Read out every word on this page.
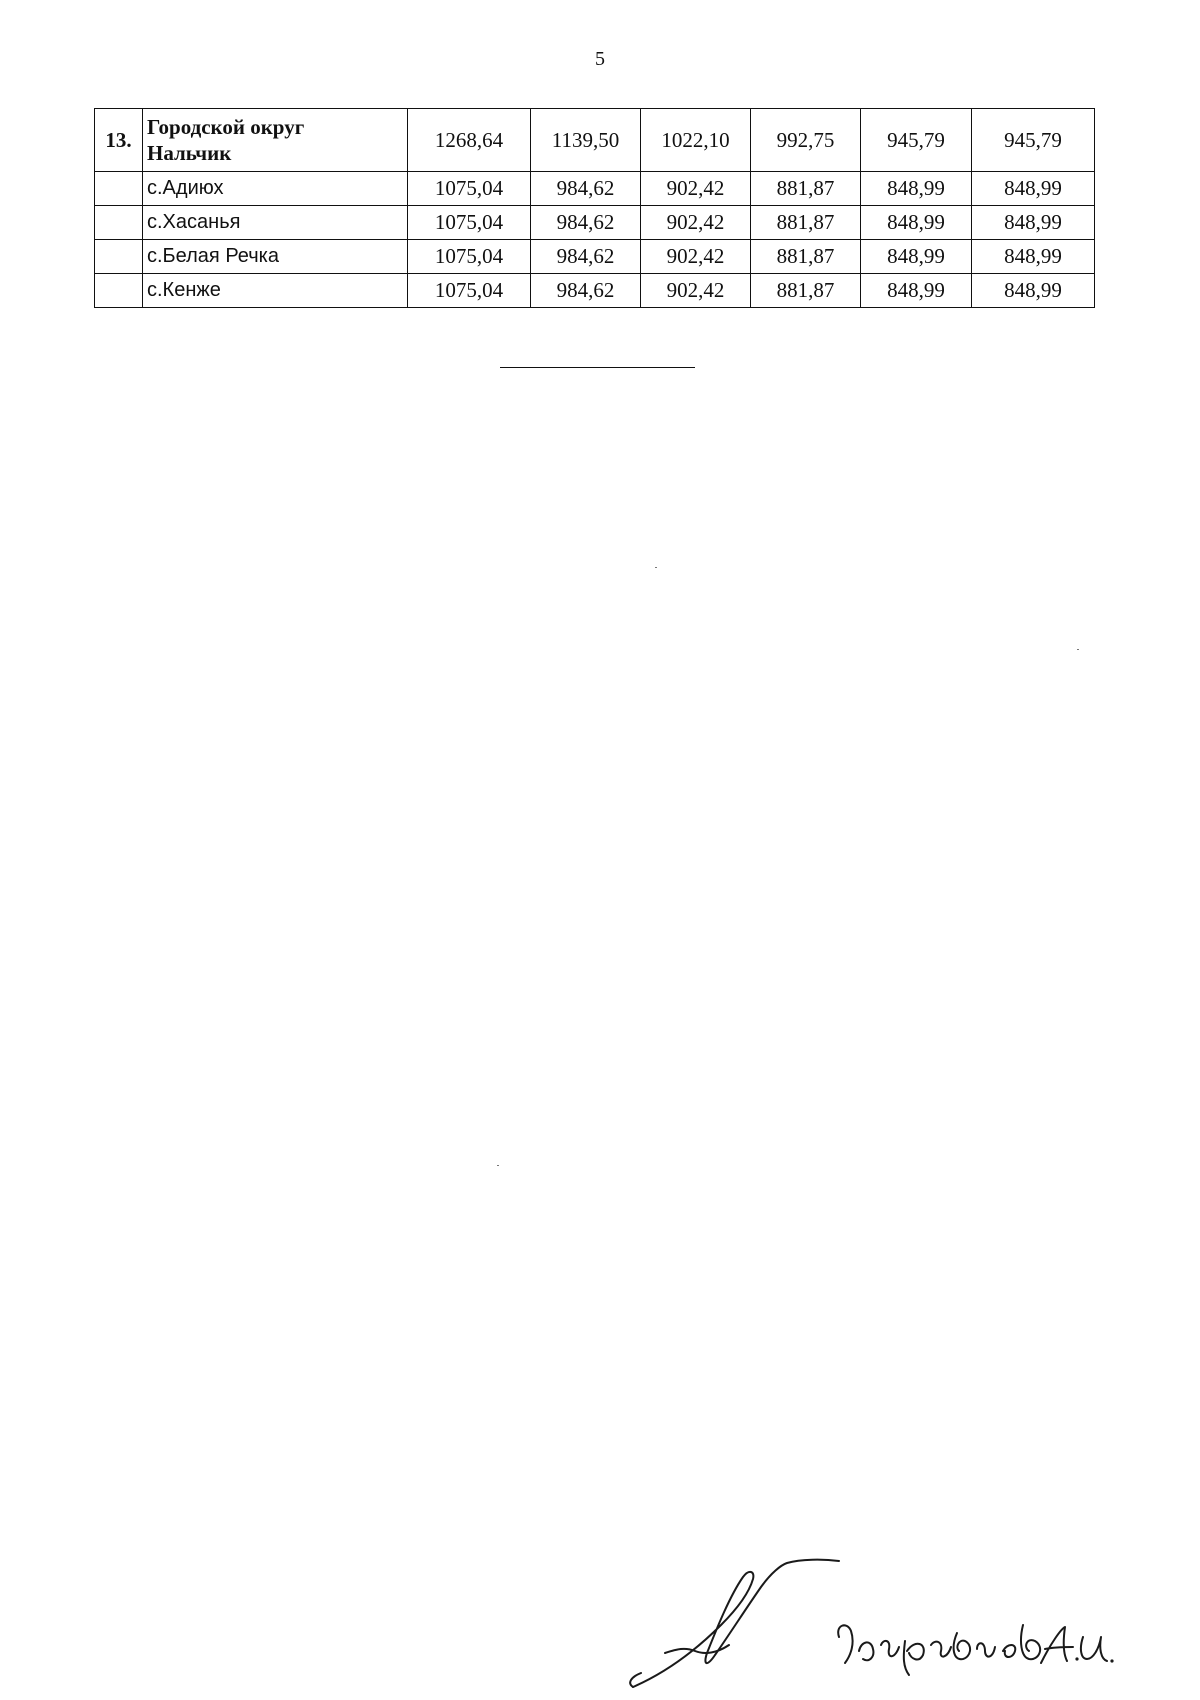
5
13.	Городской округ
Нальчик	1268,64	1139,50	1022,10	992,75	945,79	945,79
	с.Адиюх	1075,04	984,62	902,42	881,87	848,99	848,99
	с.Хасанья	1075,04	984,62	902,42	881,87	848,99	848,99
	с.Белая Речка	1075,04	984,62	902,42	881,87	848,99	848,99
	с.Кенже	1075,04	984,62	902,42	881,87	848,99	848,99
